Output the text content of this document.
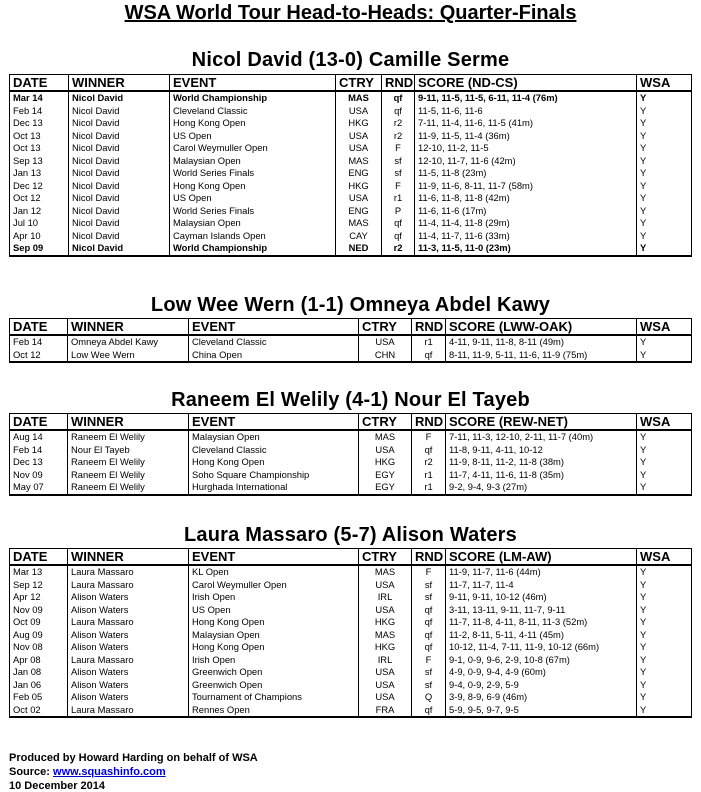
WSA World Tour Head-to-Heads: Quarter-Finals
Nicol David (13-0) Camille Serme
DATE	WINNER	EVENT	CTRY	RND	SCORE (ND-CS)	WSA
Mar 14	Nicol David	World Championship	MAS	qf	9-11, 11-5, 11-5, 6-11, 11-4 (76m)	Y
Feb 14	Nicol David	Cleveland Classic	USA	qf	11-5, 11-6, 11-6	Y
Dec 13	Nicol David	Hong Kong Open	HKG	r2	7-11, 11-4, 11-6, 11-5 (41m)	Y
Oct 13	Nicol David	US Open	USA	r2	11-9, 11-5, 11-4 (36m)	Y
Oct 13	Nicol David	Carol Weymuller Open	USA	F	12-10, 11-2, 11-5	Y
Sep 13	Nicol David	Malaysian Open	MAS	sf	12-10, 11-7, 11-6 (42m)	Y
Jan 13	Nicol David	World Series Finals	ENG	sf	11-5, 11-8 (23m)	Y
Dec 12	Nicol David	Hong Kong Open	HKG	F	11-9, 11-6, 8-11, 11-7 (58m)	Y
Oct 12	Nicol David	US Open	USA	r1	11-6, 11-8, 11-8 (42m)	Y
Jan 12	Nicol David	World Series Finals	ENG	P	11-6, 11-6 (17m)	Y
Jul 10	Nicol David	Malaysian Open	MAS	qf	11-4, 11-4, 11-8 (29m)	Y
Apr 10	Nicol David	Cayman Islands Open	CAY	qf	11-4, 11-7, 11-6 (33m)	Y
Sep 09	Nicol David	World Championship	NED	r2	11-3, 11-5, 11-0 (23m)	Y
Low Wee Wern (1-1) Omneya Abdel Kawy
DATE	WINNER	EVENT	CTRY	RND	SCORE (LWW-OAK)	WSA
Feb 14	Omneya Abdel Kawy	Cleveland Classic	USA	r1	4-11, 9-11, 11-8, 8-11 (49m)	Y
Oct 12	Low Wee Wern	China Open	CHN	qf	8-11, 11-9, 5-11, 11-6, 11-9 (75m)	Y
Raneem El Welily (4-1) Nour El Tayeb
DATE	WINNER	EVENT	CTRY	RND	SCORE (REW-NET)	WSA
Aug 14	Raneem El Welily	Malaysian Open	MAS	F	7-11, 11-3, 12-10, 2-11, 11-7 (40m)	Y
Feb 14	Nour El Tayeb	Cleveland Classic	USA	qf	11-8, 9-11, 4-11, 10-12	Y
Dec 13	Raneem El Welily	Hong Kong Open	HKG	r2	11-9, 8-11, 11-2, 11-8 (38m)	Y
Nov 09	Raneem El Welily	Soho Square Championship	EGY	r1	11-7, 4-11, 11-6, 11-8 (35m)	Y
May 07	Raneem El Welily	Hurghada International	EGY	r1	9-2, 9-4, 9-3 (27m)	Y
Laura Massaro (5-7) Alison Waters
DATE	WINNER	EVENT	CTRY	RND	SCORE (LM-AW)	WSA
Mar 13	Laura Massaro	KL Open	MAS	F	11-9, 11-7, 11-6 (44m)	Y
Sep 12	Laura Massaro	Carol Weymuller Open	USA	sf	11-7, 11-7, 11-4	Y
Apr 12	Alison Waters	Irish Open	IRL	sf	9-11, 9-11, 10-12 (46m)	Y
Nov 09	Alison Waters	US Open	USA	qf	3-11, 13-11, 9-11, 11-7, 9-11	Y
Oct 09	Laura Massaro	Hong Kong Open	HKG	qf	11-7, 11-8, 4-11, 8-11, 11-3 (52m)	Y
Aug 09	Alison Waters	Malaysian Open	MAS	qf	11-2, 8-11, 5-11, 4-11 (45m)	Y
Nov 08	Alison Waters	Hong Kong Open	HKG	qf	10-12, 11-4, 7-11, 11-9, 10-12 (66m)	Y
Apr 08	Laura Massaro	Irish Open	IRL	F	9-1, 0-9, 9-6, 2-9, 10-8 (67m)	Y
Jan 08	Alison Waters	Greenwich Open	USA	sf	4-9, 0-9, 9-4, 4-9 (60m)	Y
Jan 06	Alison Waters	Greenwich Open	USA	sf	9-4, 0-9, 2-9, 5-9	Y
Feb 05	Alison Waters	Tournament of Champions	USA	Q	3-9, 8-9, 6-9 (46m)	Y
Oct 02	Laura Massaro	Rennes Open	FRA	qf	5-9, 9-5, 9-7, 9-5	Y
Produced by Howard Harding on behalf of WSA
Source: www.squashinfo.com
10 December 2014
